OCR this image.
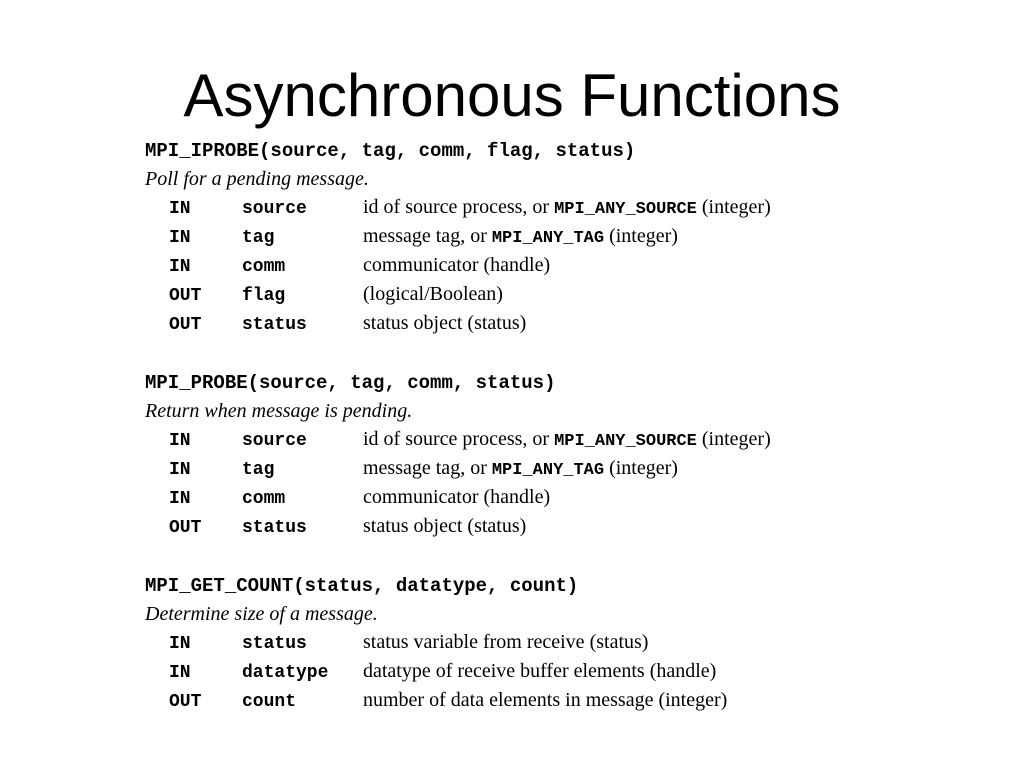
Asynchronous Functions
MPI_IPROBE(source, tag, comm, flag, status)
Poll for a pending message.
IN	source	id of source process, or MPI_ANY_SOURCE (integer)
IN	tag	message tag, or MPI_ANY_TAG (integer)
IN	comm	communicator (handle)
OUT	flag	(logical/Boolean)
OUT	status	status object (status)
MPI_PROBE(source, tag, comm, status)
Return when message is pending.
IN	source	id of source process, or MPI_ANY_SOURCE (integer)
IN	tag	message tag, or MPI_ANY_TAG (integer)
IN	comm	communicator (handle)
OUT	status	status object (status)
MPI_GET_COUNT(status, datatype, count)
Determine size of a message.
IN	status	status variable from receive (status)
IN	datatype	datatype of receive buffer elements (handle)
OUT	count	number of data elements in message (integer)
